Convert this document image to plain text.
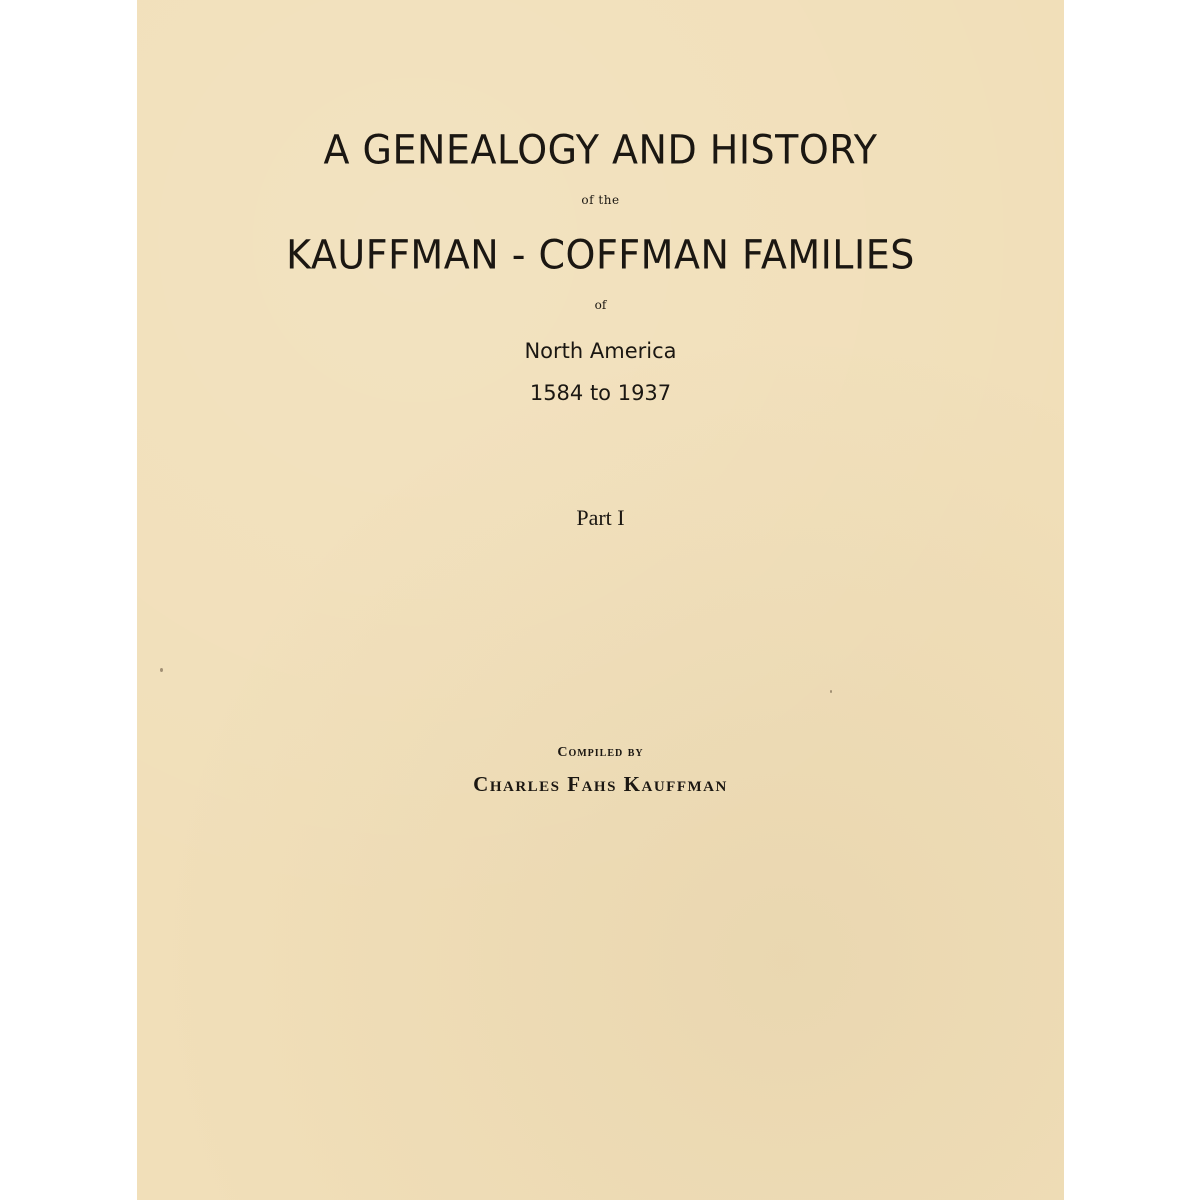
A GENEALOGY AND HISTORY
of the
KAUFFMAN - COFFMAN FAMILIES
of
North America
1584 to 1937
Part I
Compiled by
Charles Fahs Kauffman
